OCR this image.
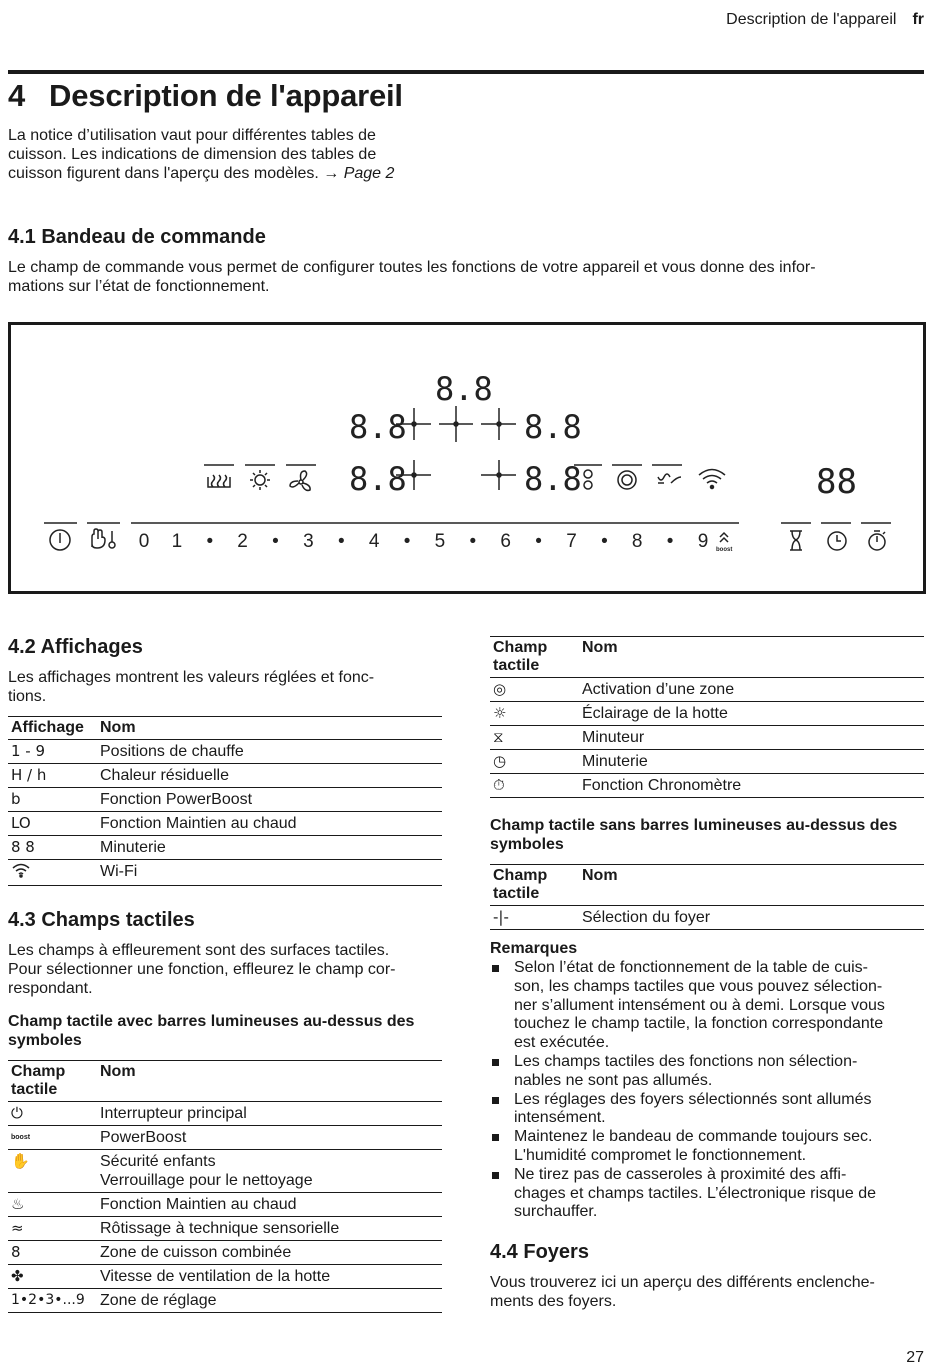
Description de l'appareil fr
4 Description de l'appareil
La notice d’utilisation vaut pour différentes tables de
cuisson. Les indications de dimension des tables de
cuisson figurent dans l'aperçu des modèles. → Page 2
4.1 Bandeau de commande
Le champ de commande vous permet de configurer toutes les fonctions de votre appareil et vous donne des infor-
mations sur l’état de fonctionnement.
8.8
8.8	8.8
8.8	8.8	88
0 1 • 2 • 3 • 4 • 5 • 6 • 7 • 8 • 9 boost
4.2 Affichages
Les affichages montrent les valeurs réglées et fonc-
tions.
Affichage	Nom
1 - 9	Positions de chauffe
H / h	Chaleur résiduelle
b	Fonction PowerBoost
LO	Fonction Maintien au chaud
8 8	Minuterie
	Wi-Fi
4.3 Champs tactiles
Les champs à effleurement sont des surfaces tactiles.
Pour sélectionner une fonction, effleurez le champ cor-
respondant.
Champ tactile avec barres lumineuses au-dessus des symboles
Champ tactile	Nom
⏻	Interrupteur principal
boost	PowerBoost
✋	Sécurité enfants
Verrouillage pour le nettoyage

♨	Fonction Maintien au chaud
≈	Rôtissage à technique sensorielle
8	Zone de cuisson combinée
✤	Vitesse de ventilation de la hotte
1•2•3•...9	Zone de réglage
Champ tactile	Nom
◎	Activation d’une zone
☼	Éclairage de la hotte
⧖	Minuteur
◷	Minuterie
⏱	Fonction Chronomètre
Champ tactile sans barres lumineuses au-dessus des symboles
Champ tactile	Nom
-|-	Sélection du foyer
Remarques
Selon l’état de fonctionnement de la table de cuis-
son, les champs tactiles que vous pouvez sélection-
ner s’allument intensément ou à demi. Lorsque vous
touchez le champ tactile, la fonction correspondante
est exécutée.
Les champs tactiles des fonctions non sélection-
nables ne sont pas allumés.
Les réglages des foyers sélectionnés sont allumés
intensément.
Maintenez le bandeau de commande toujours sec.
L'humidité compromet le fonctionnement.
Ne tirez pas de casseroles à proximité des affi-
chages et champs tactiles. L’électronique risque de
surchauffer.
4.4 Foyers
Vous trouverez ici un aperçu des différents enclenche-
ments des foyers.
27
